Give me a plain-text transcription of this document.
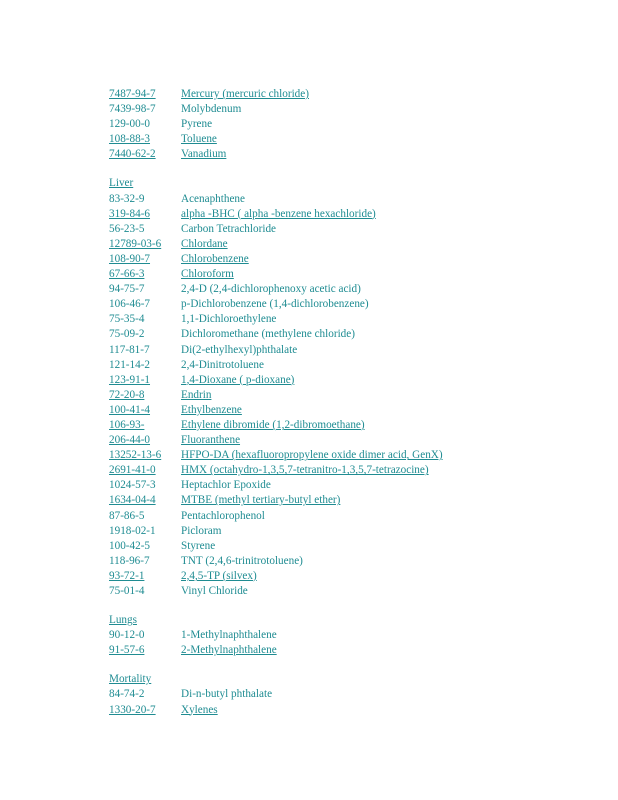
7487-94-7 Mercury (mercuric chloride)
7439-98-7 Molybdenum
129-00-0	Pyrene
108-88-3	Toluene
7440-62-2 Vanadium
Liver
83-32-9	Acenaphthene
319-84-6	alpha -BHC ( alpha -benzene hexachloride)
56-23-5	Carbon Tetrachloride
12789-03-6 Chlordane
108-90-7	Chlorobenzene
67-66-3	Chloroform
94-75-7	2,4-D (2,4-dichlorophenoxy acetic acid)
106-46-7	p-Dichlorobenzene (1,4-dichlorobenzene)
75-35-4	1,1-Dichloroethylene
75-09-2	Dichloromethane (methylene chloride)
117-81-7	Di(2-ethylhexyl)phthalate
121-14-2	2,4-Dinitrotoluene
123-91-1	1,4-Dioxane ( p-dioxane)
72-20-8	Endrin
100-41-4	Ethylbenzene
106-93-	Ethylene dibromide (1,2-dibromoethane)
206-44-0	Fluoranthene
13252-13-6 HFPO-DA (hexafluoropropylene oxide dimer acid, GenX)
2691-41-0 HMX (octahydro-1,3,5,7-tetranitro-1,3,5,7-tetrazocine)
1024-57-3 Heptachlor Epoxide
1634-04-4 MTBE (methyl tertiary-butyl ether)
87-86-5	Pentachlorophenol
1918-02-1 Picloram
100-42-5	Styrene
118-96-7	TNT (2,4,6-trinitrotoluene)
93-72-1	2,4,5-TP (silvex)
75-01-4	Vinyl Chloride
Lungs
90-12-0	1-Methylnaphthalene
91-57-6	2-Methylnaphthalene
Mortality
84-74-2	Di-n-butyl phthalate
1330-20-7 Xylenes
